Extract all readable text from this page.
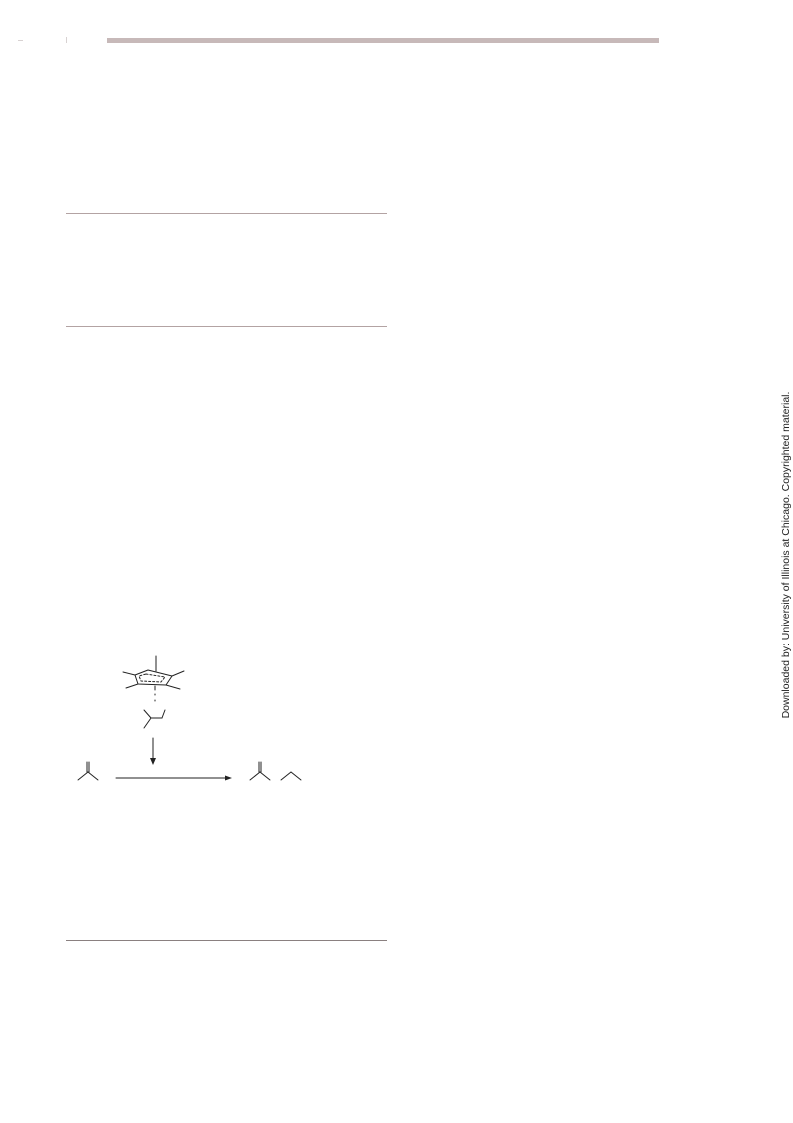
Downloaded by: University of Illinois at Chicago. Copyrighted material.
